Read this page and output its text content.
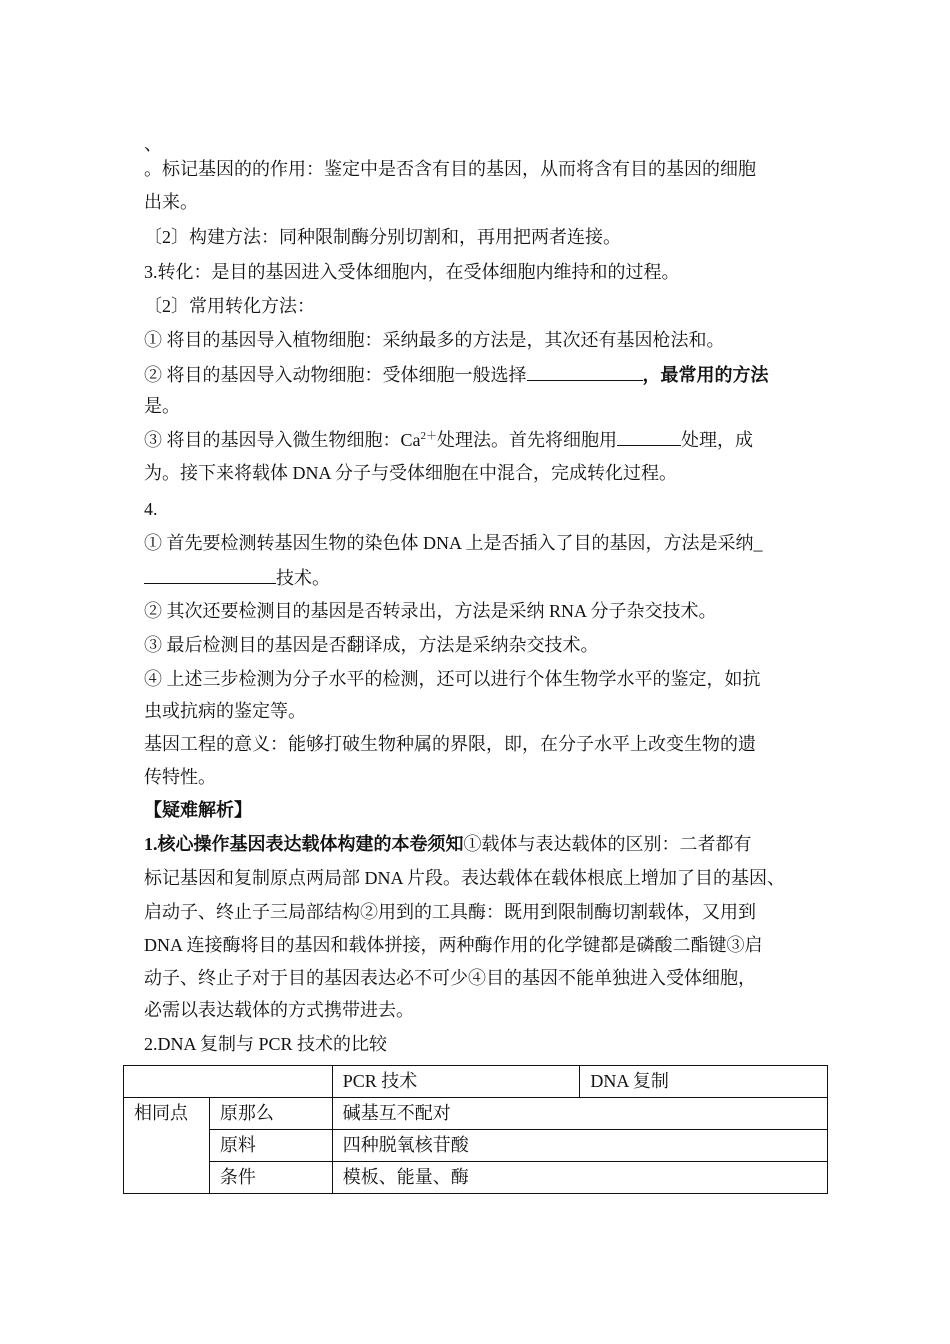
、
。标记基因的的作用：鉴定中是否含有目的基因，从而将含有目的基因的细胞
出来。
〔2〕构建方法：同种限制酶分别切割和，再用把两者连接。
3.转化：是目的基因进入受体细胞内，在受体细胞内维持和的过程。
〔2〕常用转化方法：
① 将目的基因导入植物细胞：采纳最多的方法是，其次还有基因枪法和。
② 将目的基因导入动物细胞：受体细胞一般选择	，最常用的方法
是。
③ 将目的基因导入微生物细胞：$Ca^{2+}$处理法。首先将细胞用	处理，成
为。接下来将载体 DNA 分子与受体细胞在中混合，完成转化过程。
4.
① 首先要检测转基因生物的染色体 DNA 上是否插入了目的基因，方法是采纳_
技术。
② 其次还要检测目的基因是否转录出，方法是采纳 RNA 分子杂交技术。
③ 最后检测目的基因是否翻译成，方法是采纳杂交技术。
④ 上述三步检测为分子水平的检测，还可以进行个体生物学水平的鉴定，如抗
虫或抗病的鉴定等。
基因工程的意义：能够打破生物种属的界限，即，在分子水平上改变生物的遗
传特性。
【疑难解析】
1.核心操作基因表达载体构建的本卷须知①载体与表达载体的区别：二者都有
标记基因和复制原点两局部 DNA 片段。表达载体在载体根底上增加了目的基因、
启动子、终止子三局部结构②用到的工具酶：既用到限制酶切割载体，又用到
DNA 连接酶将目的基因和载体拼接，两种酶作用的化学键都是磷酸二酯键③启
动子、终止子对于目的基因表达必不可少④目的基因不能单独进入受体细胞，
必需以表达载体的方式携带进去。
2.DNA 复制与 PCR 技术的比较
		PCR 技术	DNA 复制
相同点	原那么	碱基互不配对	
	原料	四种脱氧核苷酸	
	条件	模板、能量、酶	
